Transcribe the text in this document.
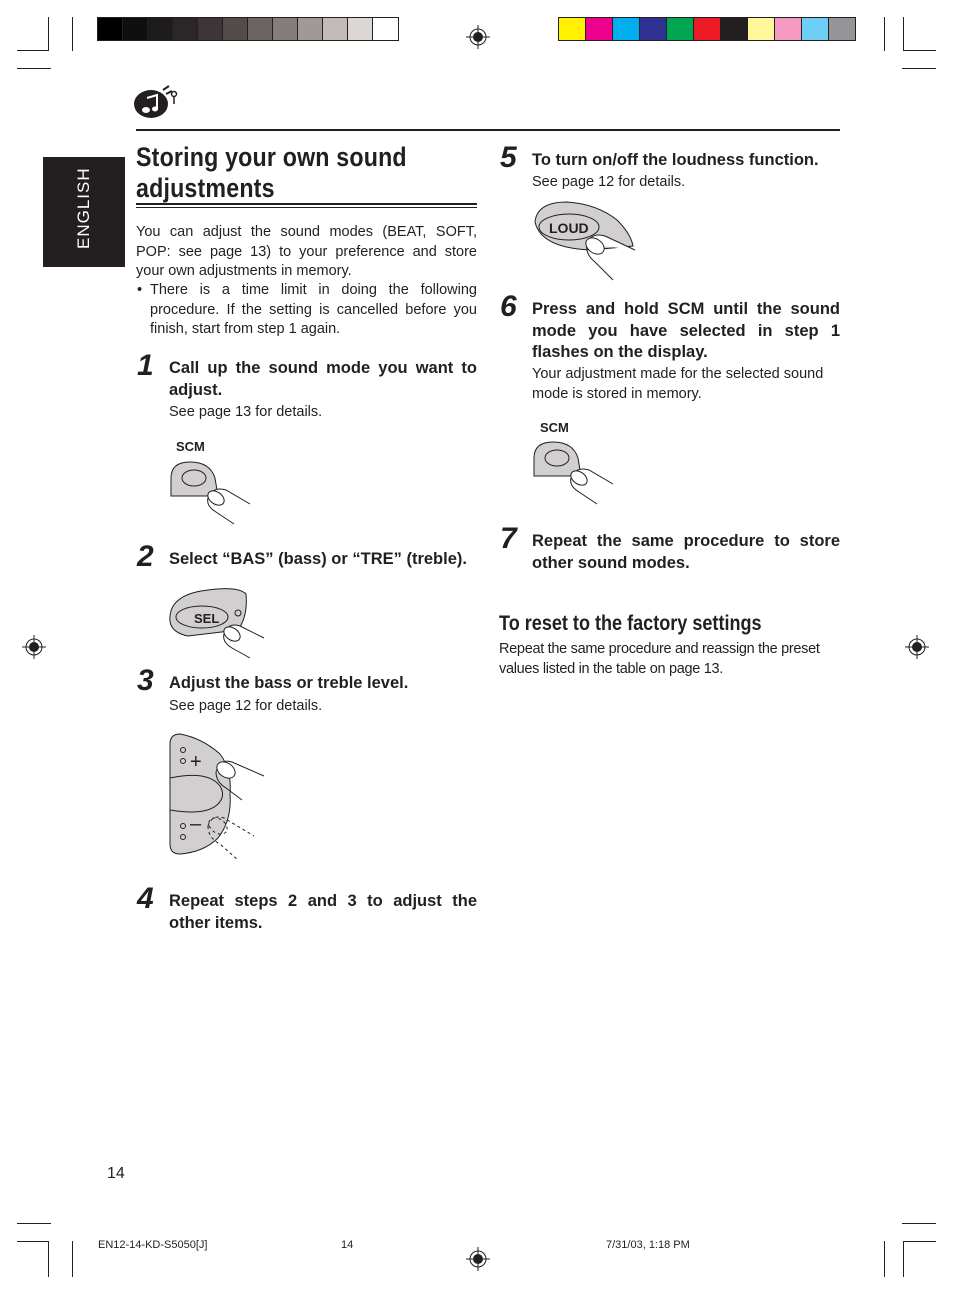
ENGLISH
Storing your own sound adjustments
You can adjust the sound modes (BEAT, SOFT, POP: see page 13) to your preference and store your own adjustments in memory.
• There is a time limit in doing the following procedure. If the setting is cancelled before you finish, start from step 1 again.
1 Call up the sound mode you want to adjust.
See page 13 for details.
SCM
2 Select “BAS” (bass) or “TRE” (treble).
SEL
3 Adjust the bass or treble level.
See page 12 for details.
+
–
4 Repeat steps 2 and 3 to adjust the other items.
5 To turn on/off the loudness function.
See page 12 for details.
LOUD
6 Press and hold SCM until the sound mode you have selected in step 1 flashes on the display.
Your adjustment made for the selected sound mode is stored in memory.
SCM
7 Repeat the same procedure to store other sound modes.
To reset to the factory settings
Repeat the same procedure and reassign the preset values listed in the table on page 13.
14
EN12-14-KD-S5050[J]	14	7/31/03, 1:18 PM
